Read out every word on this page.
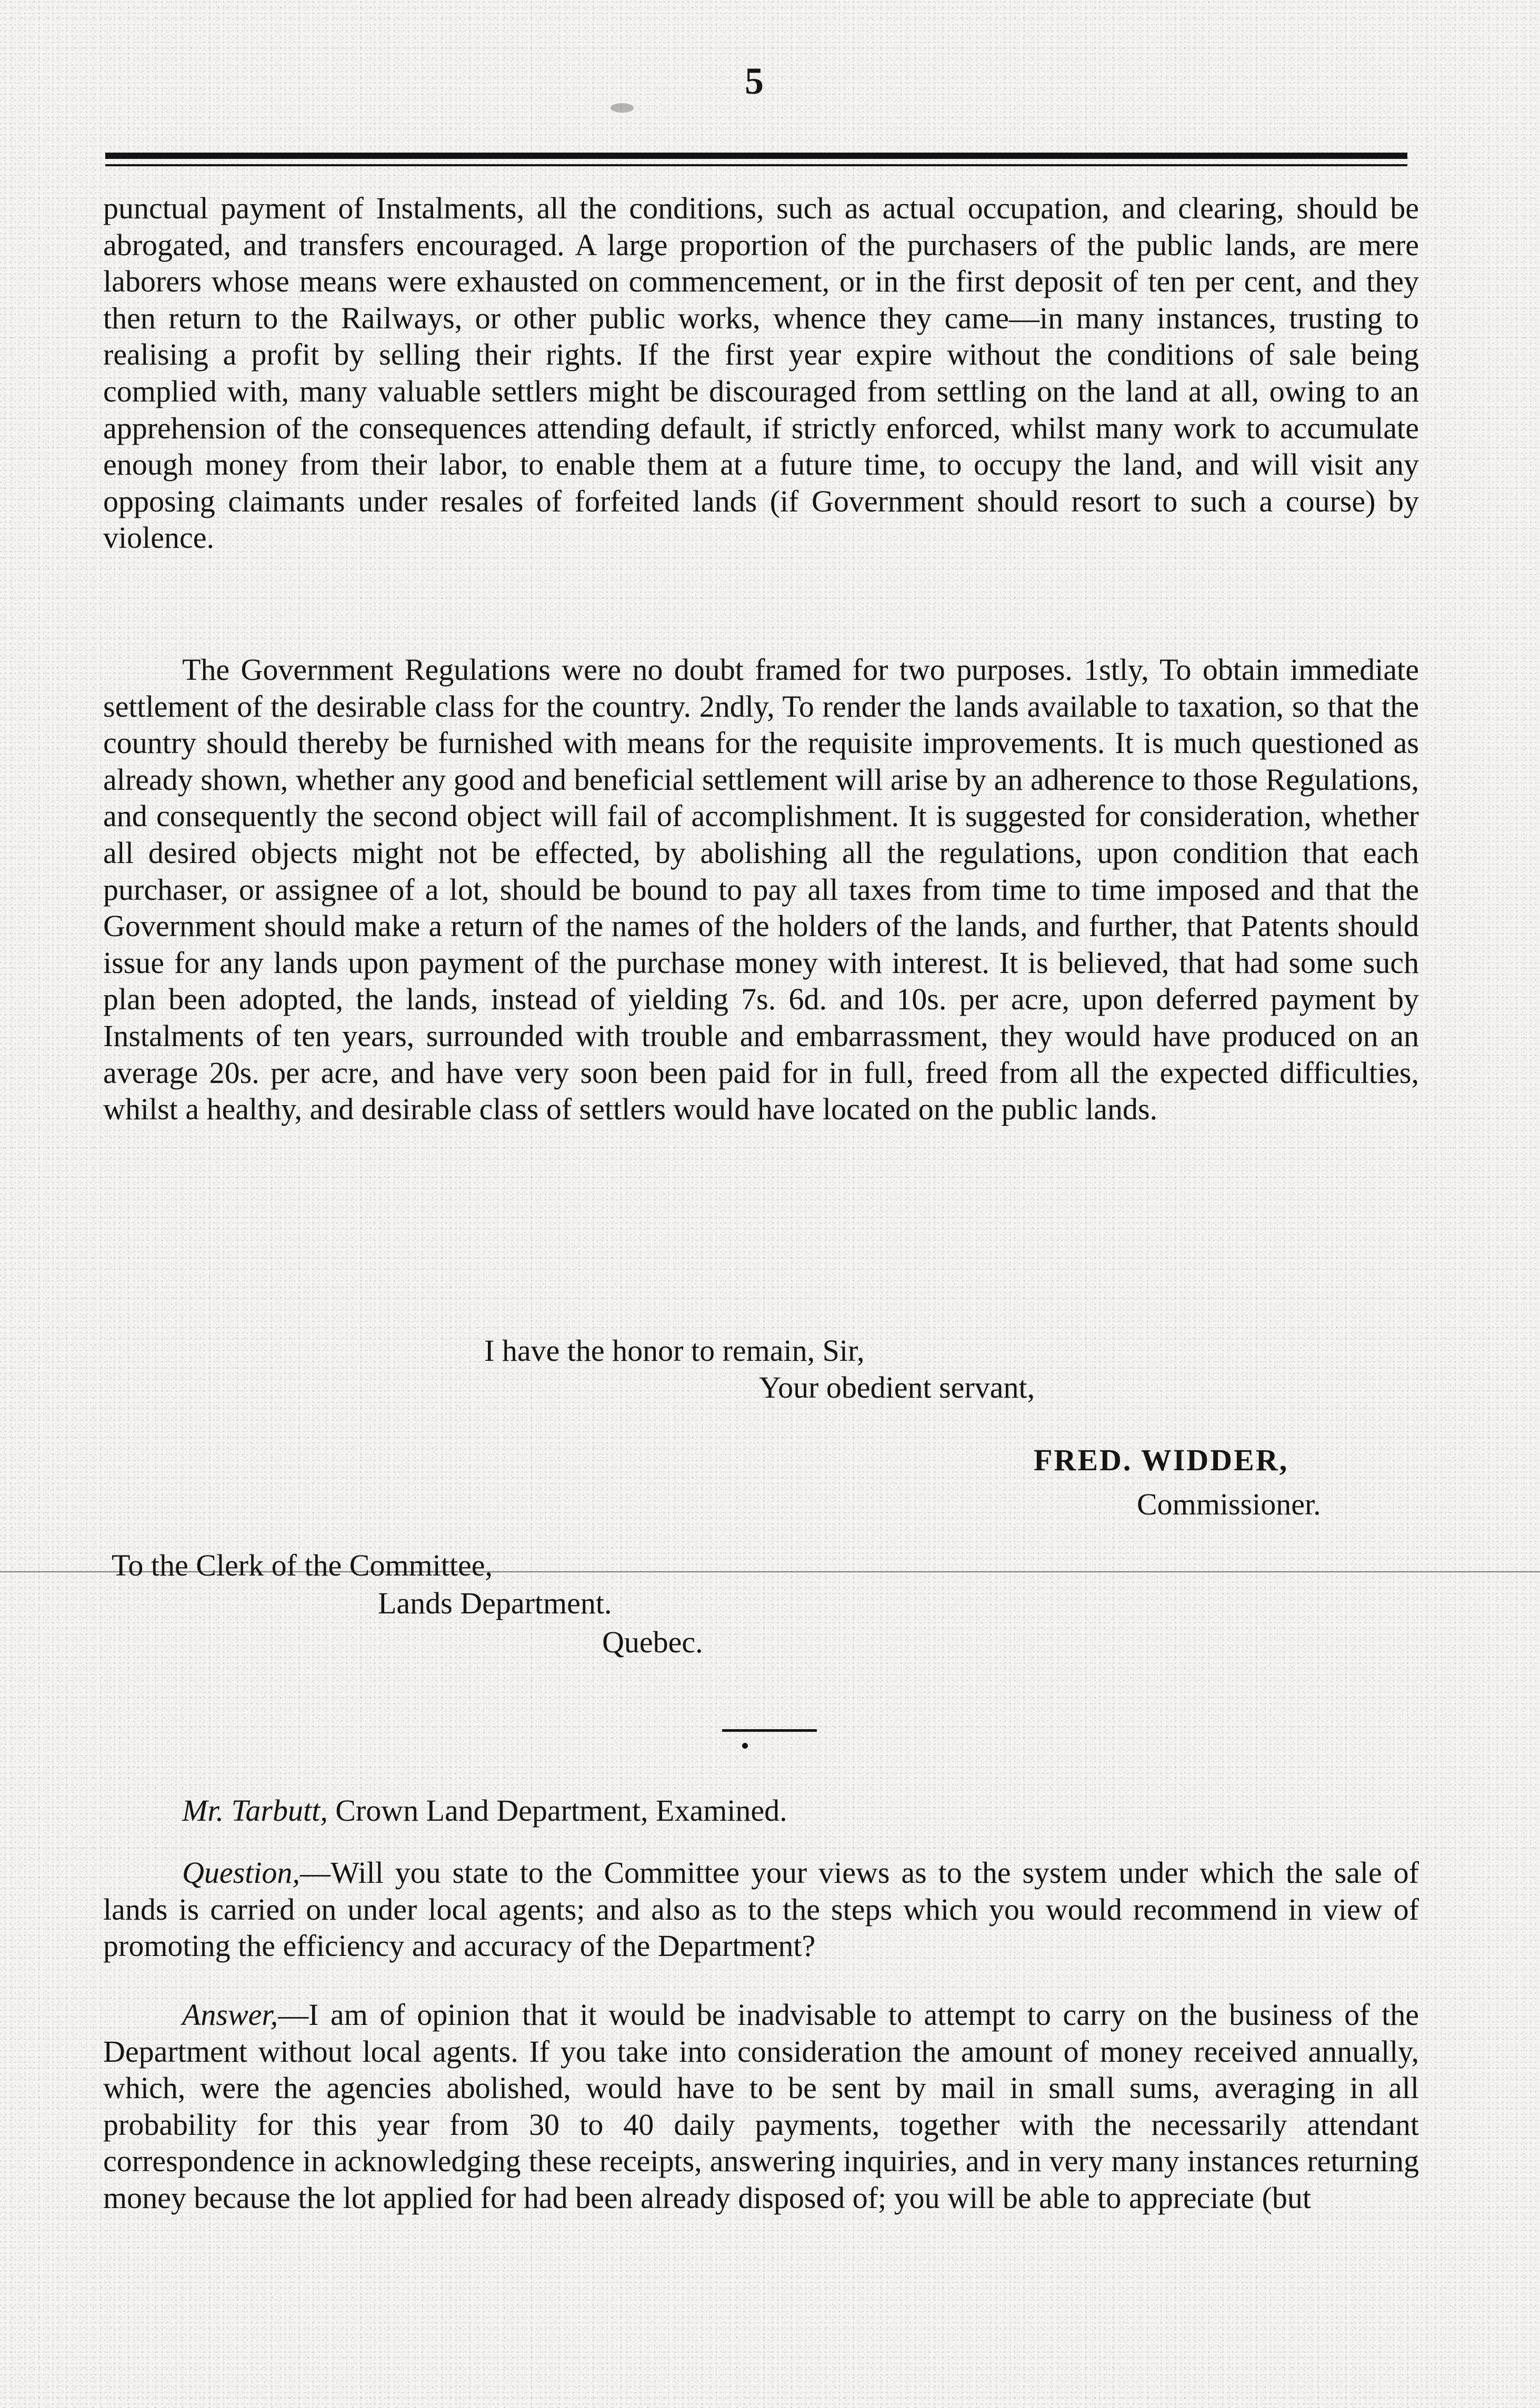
5

punctual payment of Instalments, all the conditions, such as actual occupation, and clearing, should be abrogated, and transfers encouraged. A large proportion of the purchasers of the public lands, are mere laborers whose means were exhausted on commencement, or in the first deposit of ten per cent, and they then return to the Railways, or other public works, whence they came—in many instances, trusting to realising a profit by selling their rights. If the first year expire without the conditions of sale being complied with, many valuable settlers might be discouraged from settling on the land at all, owing to an apprehension of the consequences attending default, if strictly enforced, whilst many work to accumulate enough money from their labor, to enable them at a future time, to occupy the land, and will visit any opposing claimants under resales of forfeited lands (if Government should resort to such a course) by violence.

The Government Regulations were no doubt framed for two purposes. 1stly, To obtain immediate settlement of the desirable class for the country. 2ndly, To render the lands available to taxation, so that the country should thereby be furnished with means for the requisite improvements. It is much questioned as already shown, whether any good and beneficial settlement will arise by an adherence to those Regulations, and consequently the second object will fail of accomplishment. It is suggested for consideration, whether all desired objects might not be effected, by abolishing all the regulations, upon condition that each purchaser, or assignee of a lot, should be bound to pay all taxes from time to time imposed and that the Government should make a return of the names of the holders of the lands, and further, that Patents should issue for any lands upon payment of the purchase money with interest. It is believed, that had some such plan been adopted, the lands, instead of yielding 7s. 6d. and 10s. per acre, upon deferred payment by Instalments of ten years, surrounded with trouble and embarrassment, they would have produced on an average 20s. per acre, and have very soon been paid for in full, freed from all the expected difficulties, whilst a healthy, and desirable class of settlers would have located on the public lands.

I have the honor to remain, Sir,

Your obedient servant,

FRED. WIDDER,

Commissioner.

To the Clerk of the Committee,

Lands Department.

Quebec.

Mr. Tarbutt, Crown Land Department, Examined.

Question,—Will you state to the Committee your views as to the system under which the sale of lands is carried on under local agents; and also as to the steps which you would recommend in view of promoting the efficiency and accuracy of the Department?

Answer,—I am of opinion that it would be inadvisable to attempt to carry on the business of the Department without local agents. If you take into consideration the amount of money received annually, which, were the agencies abolished, would have to be sent by mail in small sums, averaging in all probability for this year from 30 to 40 daily payments, together with the necessarily attendant correspondence in acknowledging these receipts, answering inquiries, and in very many instances returning money because the lot applied for had been already disposed of; you will be able to appreciate (but
